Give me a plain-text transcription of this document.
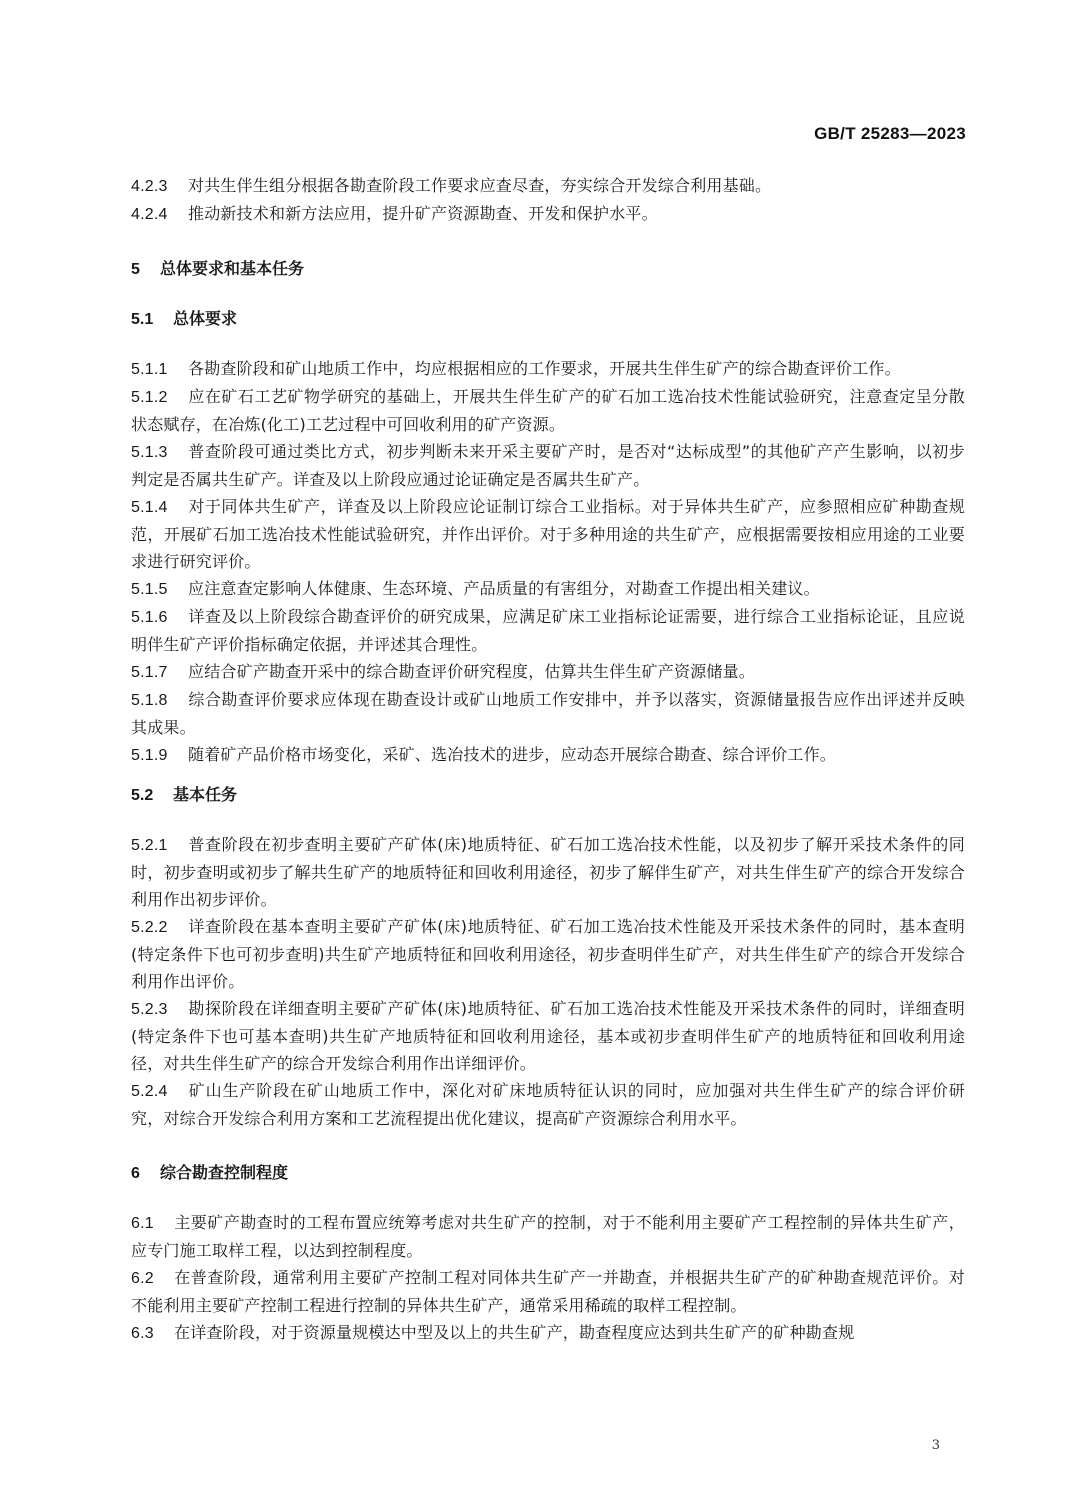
GB/T 25283—2023

4.2.3 对共生伴生组分根据各勘查阶段工作要求应查尽查，夯实综合开发综合利用基础。

4.2.4 推动新技术和新方法应用，提升矿产资源勘查、开发和保护水平。

5 总体要求和基本任务

5.1 总体要求

5.1.1 各勘查阶段和矿山地质工作中，均应根据相应的工作要求，开展共生伴生矿产的综合勘查评价工作。

5.1.2 应在矿石工艺矿物学研究的基础上，开展共生伴生矿产的矿石加工选冶技术性能试验研究，注意查定呈分散状态赋存，在冶炼(化工)工艺过程中可回收利用的矿产资源。

5.1.3 普查阶段可通过类比方式，初步判断未来开采主要矿产时，是否对“达标成型”的其他矿产产生影响，以初步判定是否属共生矿产。详查及以上阶段应通过论证确定是否属共生矿产。

5.1.4 对于同体共生矿产，详查及以上阶段应论证制订综合工业指标。对于异体共生矿产，应参照相应矿种勘查规范，开展矿石加工选冶技术性能试验研究，并作出评价。对于多种用途的共生矿产，应根据需要按相应用途的工业要求进行研究评价。

5.1.5 应注意查定影响人体健康、生态环境、产品质量的有害组分，对勘查工作提出相关建议。

5.1.6 详查及以上阶段综合勘查评价的研究成果，应满足矿床工业指标论证需要，进行综合工业指标论证，且应说明伴生矿产评价指标确定依据，并评述其合理性。

5.1.7 应结合矿产勘查开采中的综合勘查评价研究程度，估算共生伴生矿产资源储量。

5.1.8 综合勘查评价要求应体现在勘查设计或矿山地质工作安排中，并予以落实，资源储量报告应作出评述并反映其成果。

5.1.9 随着矿产品价格市场变化，采矿、选冶技术的进步，应动态开展综合勘查、综合评价工作。

5.2 基本任务

5.2.1 普查阶段在初步查明主要矿产矿体(床)地质特征、矿石加工选冶技术性能，以及初步了解开采技术条件的同时，初步查明或初步了解共生矿产的地质特征和回收利用途径，初步了解伴生矿产，对共生伴生矿产的综合开发综合利用作出初步评价。

5.2.2 详查阶段在基本查明主要矿产矿体(床)地质特征、矿石加工选冶技术性能及开采技术条件的同时，基本查明(特定条件下也可初步查明)共生矿产地质特征和回收利用途径，初步查明伴生矿产，对共生伴生矿产的综合开发综合利用作出评价。

5.2.3 勘探阶段在详细查明主要矿产矿体(床)地质特征、矿石加工选冶技术性能及开采技术条件的同时，详细查明(特定条件下也可基本查明)共生矿产地质特征和回收利用途径，基本或初步查明伴生矿产的地质特征和回收利用途径，对共生伴生矿产的综合开发综合利用作出详细评价。

5.2.4 矿山生产阶段在矿山地质工作中，深化对矿床地质特征认识的同时，应加强对共生伴生矿产的综合评价研究，对综合开发综合利用方案和工艺流程提出优化建议，提高矿产资源综合利用水平。

6 综合勘查控制程度

6.1 主要矿产勘查时的工程布置应统筹考虑对共生矿产的控制，对于不能利用主要矿产工程控制的异体共生矿产，应专门施工取样工程，以达到控制程度。

6.2 在普查阶段，通常利用主要矿产控制工程对同体共生矿产一并勘查，并根据共生矿产的矿种勘查规范评价。对不能利用主要矿产控制工程进行控制的异体共生矿产，通常采用稀疏的取样工程控制。

6.3 在详查阶段，对于资源量规模达中型及以上的共生矿产，勘查程度应达到共生矿产的矿种勘查规

3
